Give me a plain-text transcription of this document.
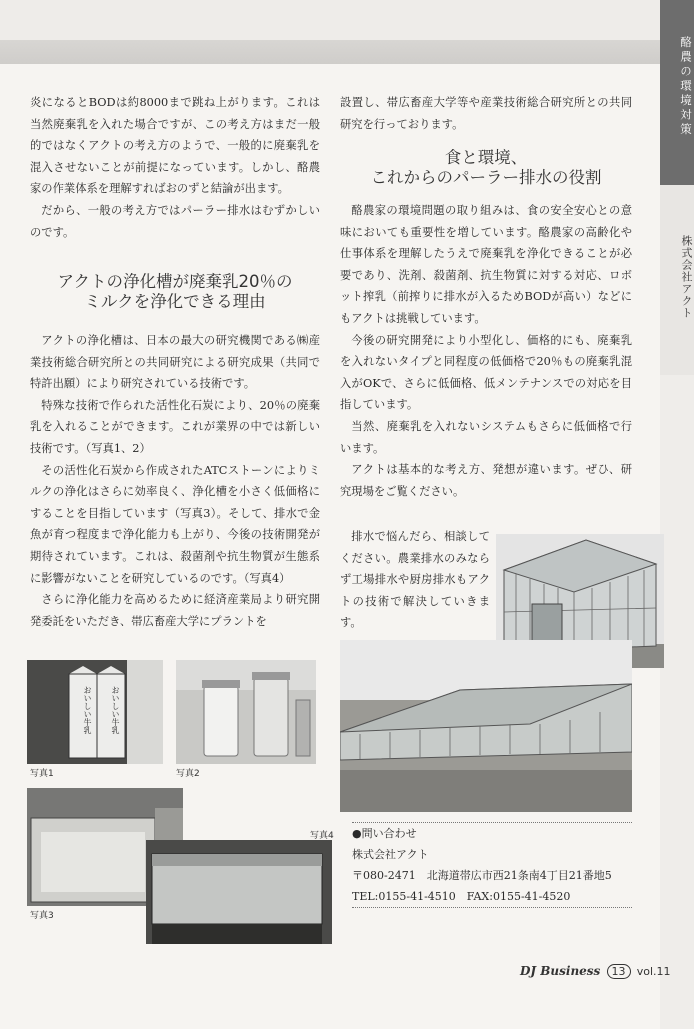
酪農の環境対策
株式会社アクト

炎になるとBODは約8000まで跳ね上がります。これは当然廃棄乳を入れた場合ですが、この考え方はまだ一般的ではなくアクトの考え方のようで、一般的に廃棄乳を混入させないことが前提になっています。しかし、酪農家の作業体系を理解すればおのずと結論が出ます。

だから、一般の考え方ではパーラー排水はむずかしいのです。

アクトの浄化槽が廃棄乳20％の
ミルクを浄化できる理由

アクトの浄化槽は、日本の最大の研究機関である㈱産業技術総合研究所との共同研究による研究成果（共同で特許出願）により研究されている技術です。

特殊な技術で作られた活性化石炭により、20％の廃棄乳を入れることができます。これが業界の中では新しい技術です。（写真1、2）

その活性化石炭から作成されたATCストーンによりミルクの浄化はさらに効率良く、浄化槽を小さく低価格にすることを目指しています（写真3）。そして、排水で金魚が育つ程度まで浄化能力も上がり、今後の技術開発が期待されています。これは、殺菌剤や抗生物質が生態系に影響がないことを研究しているのです。（写真4）

さらに浄化能力を高めるために経済産業局より研究開発委託をいただき、帯広畜産大学にプラントを

設置し、帯広畜産大学等や産業技術総合研究所との共同研究を行っております。

食と環境、
これからのパーラー排水の役割

酪農家の環境問題の取り組みは、食の安全安心との意味においても重要性を増しています。酪農家の高齢化や仕事体系を理解したうえで廃棄乳を浄化できることが必要であり、洗剤、殺菌剤、抗生物質に対する対応、ロボット搾乳（前搾りに排水が入るためBODが高い）などにもアクトは挑戦しています。

今後の研究開発により小型化し、価格的にも、廃棄乳を入れないタイプと同程度の低価格で20％もの廃棄乳混入がOKで、さらに低価格、低メンテナンスでの対応を目指しています。

当然、廃棄乳を入れないシステムもさらに低価格で行います。

アクトは基本的な考え方、発想が違います。ぜひ、研究現場をご覧ください。

排水で悩んだら、相談してください。農業排水のみならず工場排水や厨房排水もアクトの技術で解決していきます。

おいしい牛乳	おいしい牛乳
写真1	写真2
写真3
写真4 ●問い合わせ
株式会社アクト
〒080-2471　北海道帯広市西21条南4丁目21番地5
TEL:0155-41-4510　FAX:0155-41-4520
DJ Business 13 vol.11
